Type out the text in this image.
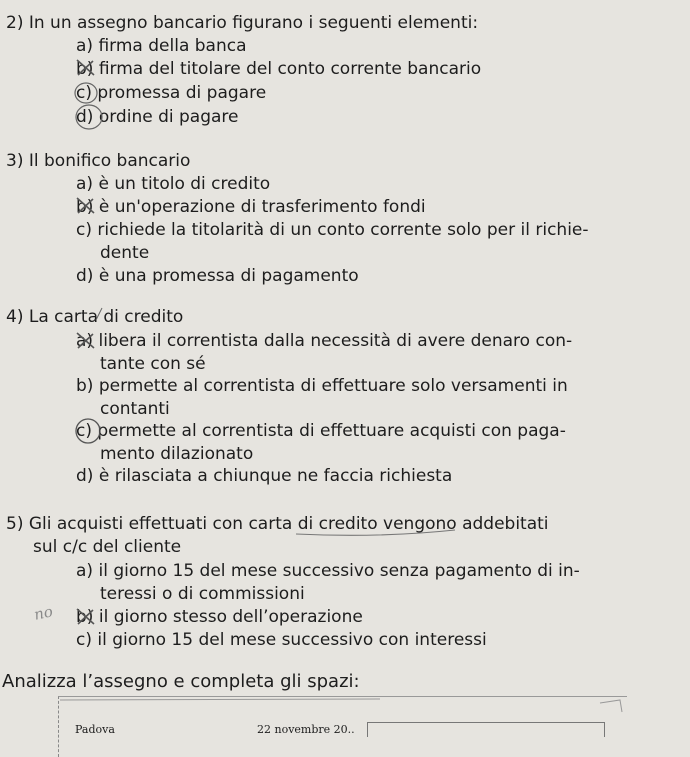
2) In un assegno bancario figurano i seguenti elementi:
a) firma della banca
b) firma del titolare del conto corrente bancario
c) promessa di pagare
d) ordine di pagare
3) Il bonifico bancario
a) è un titolo di credito
b) è un'operazione di trasferimento fondi
c) richiede la titolarità di un conto corrente solo per il richie-
dente
d) è una promessa di pagamento
4) La carta di credito
a) libera il correntista dalla necessità di avere denaro con-
tante con sé
b) permette al correntista di effettuare solo versamenti in
contanti
c) permette al correntista di effettuare acquisti con paga-
mento dilazionato
d) è rilasciata a chiunque ne faccia richiesta
5) Gli acquisti effettuati con carta di credito vengono addebitati
sul c/c del cliente
a) il giorno 15 del mese successivo senza pagamento di in-
teressi o di commissioni
b) il giorno stesso dell’operazione
c) il giorno 15 del mese successivo con interessi
no
Analizza l’assegno e completa gli spazi:
Padova	22 novembre 20..
